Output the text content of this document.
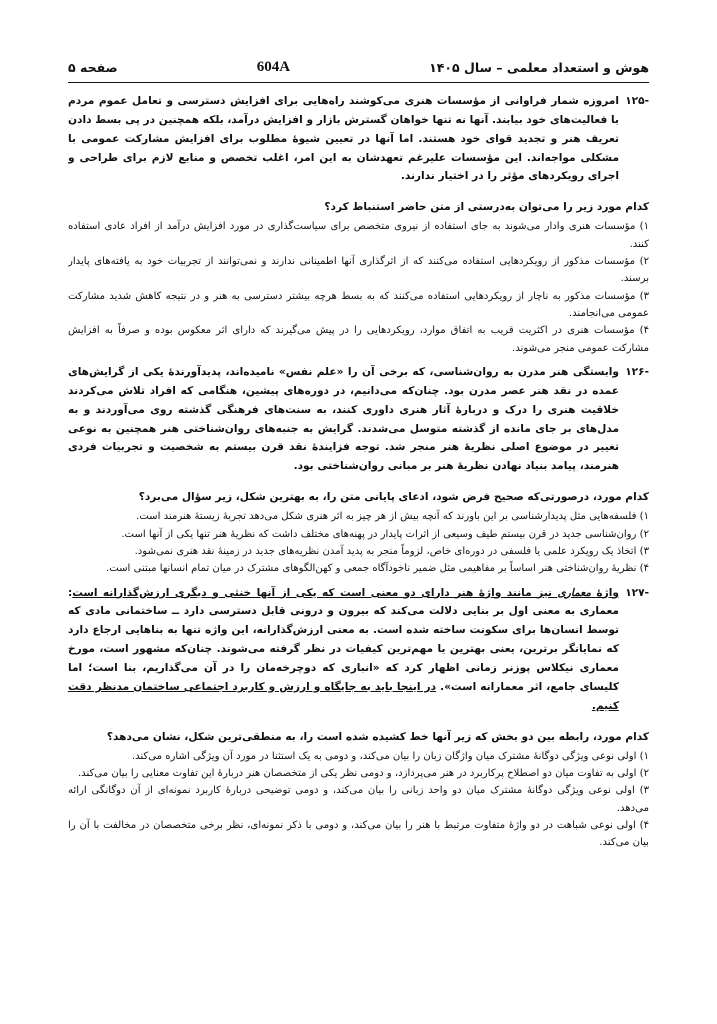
هوش و استعداد معلمی – سال ۱۴۰۵
604A
صفحه ۵
-۱۲۵
امروزه شمار فراوانی از مؤسسات هنری می‌کوشند راه‌هایی برای افزایش دسترسی و تعامل عموم مردم با فعالیت‌های خود بیابند. آنها نه تنها خواهان گسترش بازار و افزایش درآمد، بلکه همچنین در پی بسط دادن تعریف هنر و تجدید قوای خود هستند. اما آنها در تعیین شیوهٔ مطلوب برای افزایش مشارکت عمومی با مشکلی مواجه‌اند. این مؤسسات علیرغم تعهدشان به این امر، اغلب تخصص و منابع لازم برای طراحی و اجرای رویکردهای مؤثر را در اختیار ندارند.

کدام مورد زیر را می‌توان به‌درستی از متن حاضر استنباط کرد؟

۱) مؤسسات هنری وادار می‌شوند به جای استفاده از نیروی متخصص برای سیاست‌گذاری در مورد افزایش درآمد از افراد عادی استفاده کنند.
۲) مؤسسات مذکور از رویکردهایی استفاده می‌کنند که از اثرگذاری آنها اطمینانی ندارند و نمی‌توانند از تجربیات خود به یافته‌های پایدار برسند.
۳) مؤسسات مذکور به ناچار از رویکردهایی استفاده می‌کنند که به بسط هرچه بیشتر دسترسی به هنر و در نتیجه کاهش شدید مشارکت عمومی می‌انجامند.
۴) مؤسسات هنری در اکثریت قریب به اتفاق موارد، رویکردهایی را در پیش می‌گیرند که دارای اثر معکوس بوده و صرفاً به افزایش مشارکت عمومی منجر می‌شوند.
-۱۲۶
وابستگی هنر مدرن به روان‌شناسی، که برخی آن را «علم نفس» نامیده‌اند، پدیدآورندهٔ یکی از گرایش‌های عمده در نقد هنر عصر مدرن بود. چنان‌که می‌دانیم، در دوره‌های پیشین، هنگامی که افراد تلاش می‌کردند خلاقیت هنری را درک و دربارهٔ آثار هنری داوری کنند، به سنت‌های فرهنگی گذشته روی می‌آوردند و به مدل‌های بر جای مانده از گذشته متوسل می‌شدند. گرایش به جنبه‌های روان‌شناختی هنر همچنین به نوعی تغییر در موضوع اصلی نظریهٔ هنر منجر شد. توجه فزایندهٔ نقد قرن بیستم به شخصیت و تجربیات فردی هنرمند، پیامد بنیاد نهادن نظریهٔ هنر بر مبانی روان‌شناختی بود.

کدام مورد، درصورتی‌که صحیح فرض شود، ادعای پایانی متن را، به بهترین شکل، زیر سؤال می‌برد؟

۱) فلسفه‌هایی مثل پدیدارشناسی بر این باورند که آنچه بیش از هر چیز به اثر هنری شکل می‌دهد تجربهٔ زیستهٔ هنرمند است.
۲) روان‌شناسی جدید در قرن بیستم طیف وسیعی از اثرات پایدار در پهنه‌های مختلف داشت که نظریهٔ هنر تنها یکی از آنها است.
۳) اتخاذ یک رویکرد علمی یا فلسفی در دوره‌ای خاص، لزوماً منجر به پدید آمدن نظریه‌های جدید در زمینهٔ نقد هنری نمی‌شود.
۴) نظریهٔ روان‌شناختی هنر اساساً بر مفاهیمی مثل ضمیر ناخودآگاه جمعی و کهن‌الگوهای مشترک در میان تمام انسانها مبتنی است.
-۱۲۷
واژهٔ معماری نیز مانند واژهٔ هنر دارای دو معنی است که یکی از آنها خنثی و دیگری ارزش‌گذارانه است: معماری به معنی اول بر بنایی دلالت می‌کند که بیرون و درونی قابل دسترسی دارد ــ ساختمانی مادی که توسط انسان‌ها برای سکونت ساخته شده است. به معنی ارزش‌گذارانه، این واژه تنها به بناهایی ارجاع دارد که نمایانگر برترین، یعنی بهترین یا مهم‌ترین کیفیات در نظر گرفته می‌شوند. چنان‌که مشهور است، مورخ معماری نیکلاس پوزنر زمانی اظهار کرد که «انباری که دوچرخه‌مان را در آن می‌گذاریم، بنا است؛ اما کلیسای جامع، اثر معمارانه است». در اینجا باید به جایگاه و ارزش و کاربرد اجتماعی ساختمان مدنظر دقت کنیم.

کدام مورد، رابطه بین دو بخش که زیر آنها خط کشیده شده است را، به منطقی‌ترین شکل، نشان می‌دهد؟

۱) اولی نوعی ویژگی دوگانهٔ مشترک میان واژگان زبان را بیان می‌کند، و دومی به یک استثنا در مورد آن ویژگی اشاره می‌کند.
۲) اولی به تفاوت میان دو اصطلاح پرکاربرد در هنر می‌پردازد، و دومی نظر یکی از متخصصان هنر دربارهٔ این تفاوت معنایی را بیان می‌کند.
۳) اولی نوعی ویژگی دوگانهٔ مشترک میان دو واحد زبانی را بیان می‌کند، و دومی توضیحی دربارهٔ کاربرد نمونه‌ای از آن دوگانگی ارائه می‌دهد.
۴) اولی نوعی شباهت در دو واژهٔ متفاوت مرتبط با هنر را بیان می‌کند، و دومی با ذکر نمونه‌ای، نظر برخی متخصصان در مخالفت با آن را بیان می‌کند.
